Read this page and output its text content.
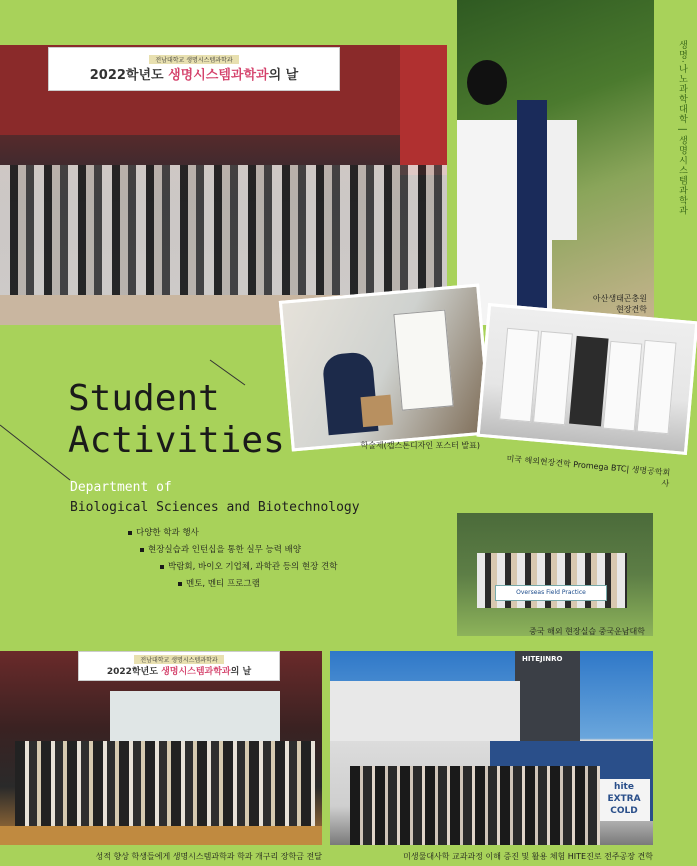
생명·나노과학대학 | 생명시스템과학과
전남대학교 생명시스템과학과
2022학년도 생명시스템과학과의 날
아산생태곤충원
현장견학
학술제(캡스톤디자인 포스터 발표)
미국 해외현장견학 Promega BTC| 생명공학회사
Student
Activities
Department of
Biological Sciences and Biotechnology
다양한 학과 행사
현장실습과 인턴십을 통한 실무 능력 배양
박람회, 바이오 기업체, 과학관 등의 현장 견학
멘토, 멘티 프로그램
Overseas Field Practice
중국 해외 현장실습 중국운남대학
전남대학교 생명시스템과학과
2022학년도 생명시스템과학과의 날
성적 향상 학생들에게 생명시스템과학과 학과 개구리 장학금 전달
HITEJINRO
hite EXTRA COLD
미생물대사학 교과과정 이해 증진 및 활용 체험 HITE진로 전주공장 견학
